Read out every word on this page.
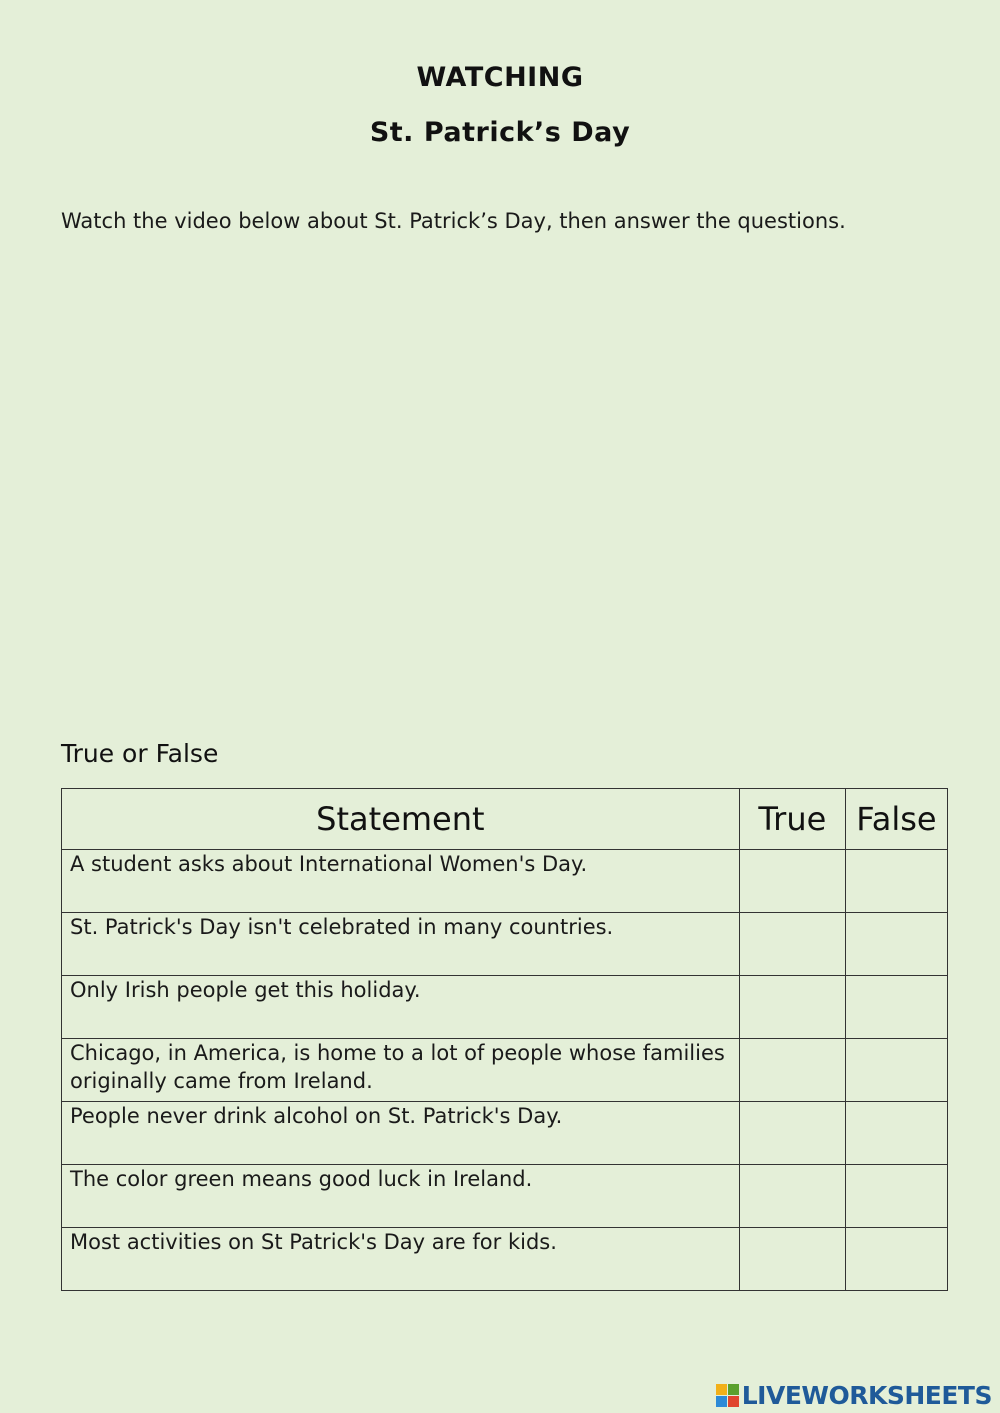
WATCHING
St. Patrick’s Day
Watch the video below about St. Patrick’s Day, then answer the questions.
True or False
Statement	True	False

A student asks about International Women's Day.		

St. Patrick's Day isn't celebrated in many countries.		

Only Irish people get this holiday.		

Chicago, in America, is home to a lot of people whose families originally came from Ireland.		

People never drink alcohol on St. Patrick's Day.		

The color green means good luck in Ireland.		

Most activities on St Patrick's Day are for kids.		

LIVEWORKSHEETS
